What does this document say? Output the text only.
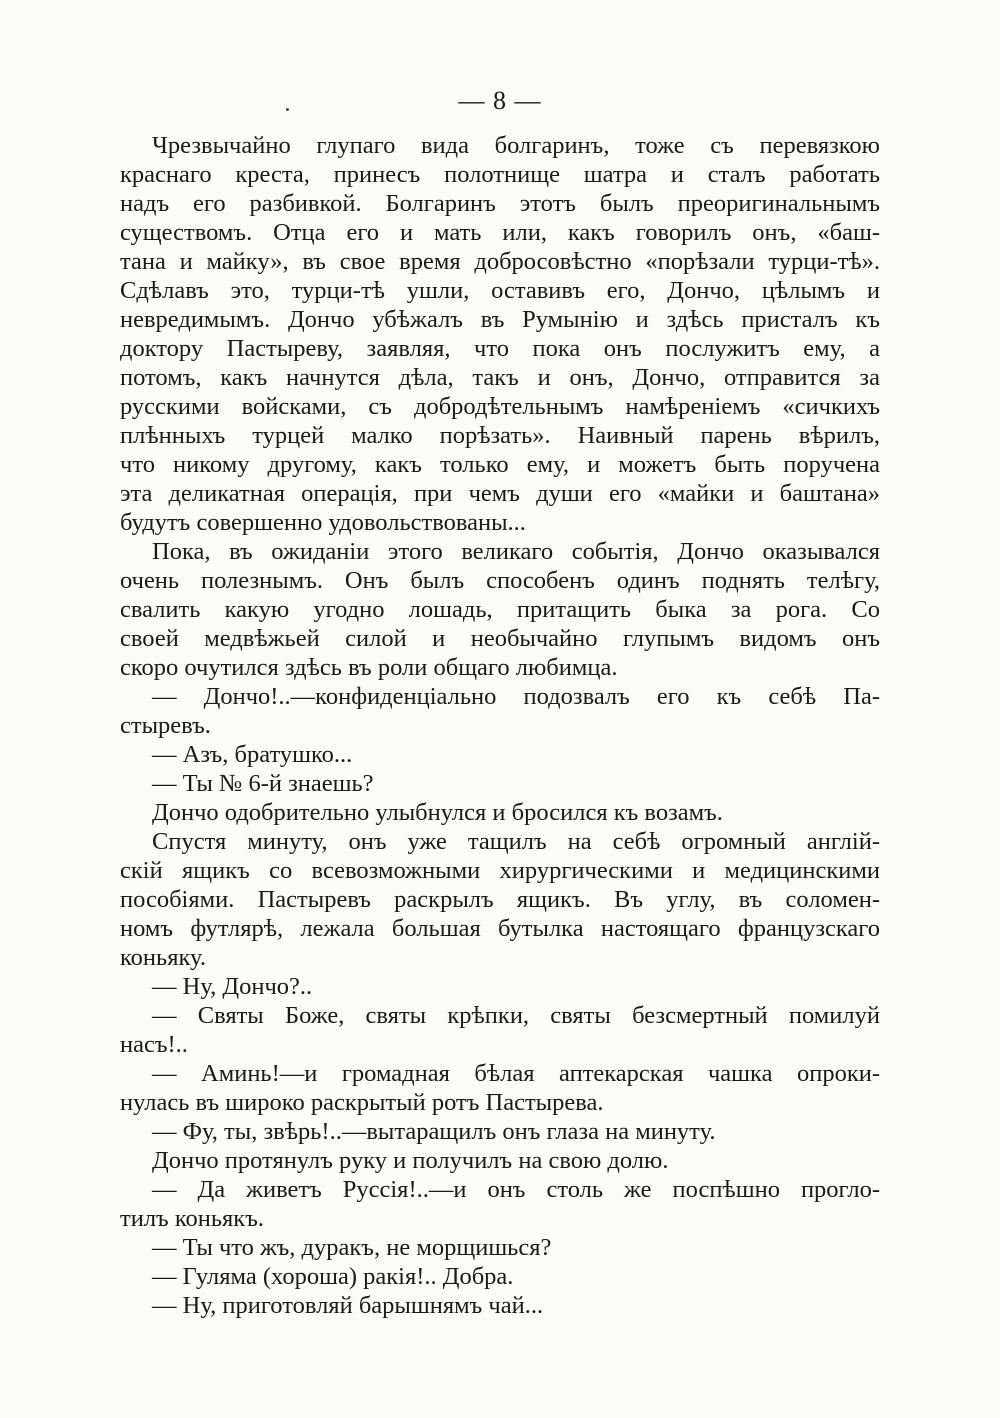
— 8 —
Чрезвычайно глупаго вида болгаринъ, тоже съ перевязкою
краснаго креста, принесъ полотнище шатра и сталъ работать
надъ его разбивкой. Болгаринъ этотъ былъ преоригинальнымъ
существомъ. Отца его и мать или, какъ говорилъ онъ, «баш-
тана и майку», въ свое время добросовѣстно «порѣзали турци-тѣ».
Сдѣлавъ это, турци-тѣ ушли, оставивъ его, Дончо, цѣлымъ и
невредимымъ. Дончо убѣжалъ въ Румынію и здѣсь присталъ къ
доктору Пастыреву, заявляя, что пока онъ послужитъ ему, а
потомъ, какъ начнутся дѣла, такъ и онъ, Дончо, отправится за
русскими войсками, съ добродѣтельнымъ намѣреніемъ «сичкихъ
плѣнныхъ турцей малко порѣзать». Наивный парень вѣрилъ,
что никому другому, какъ только ему, и можетъ быть поручена
эта деликатная операція, при чемъ души его «майки и баштана»
будутъ совершенно удовольствованы...
Пока, въ ожиданіи этого великаго событія, Дончо оказывался
очень полезнымъ. Онъ былъ способенъ одинъ поднять телѣгу,
свалить какую угодно лошадь, притащить быка за рога. Со
своей медвѣжьей силой и необычайно глупымъ видомъ онъ
скоро очутился здѣсь въ роли общаго любимца.
— Дончо!..—конфиденціально подозвалъ его къ себѣ Па-
стыревъ.
— Азъ, братушко...
— Ты № 6-й знаешь?
Дончо одобрительно улыбнулся и бросился къ возамъ.
Спустя минуту, онъ уже тащилъ на себѣ огромный англій-
скій ящикъ со всевозможными хирургическими и медицинскими
пособіями. Пастыревъ раскрылъ ящикъ. Въ углу, въ соломен-
номъ футлярѣ, лежала большая бутылка настоящаго французскаго
коньяку.
— Ну, Дончо?..
— Святы Боже, святы крѣпки, святы безсмертный помилуй
насъ!..
— Аминь!—и громадная бѣлая аптекарская чашка опроки-
нулась въ широко раскрытый ротъ Пастырева.
— Фу, ты, звѣрь!..—вытаращилъ онъ глаза на минуту.
Дончо протянулъ руку и получилъ на свою долю.
— Да живетъ Руссія!..—и онъ столь же поспѣшно прогло-
тилъ коньякъ.
— Ты что жъ, дуракъ, не морщишься?
— Гуляма (хороша) ракія!.. Добра.
— Ну, приготовляй барышнямъ чай...
